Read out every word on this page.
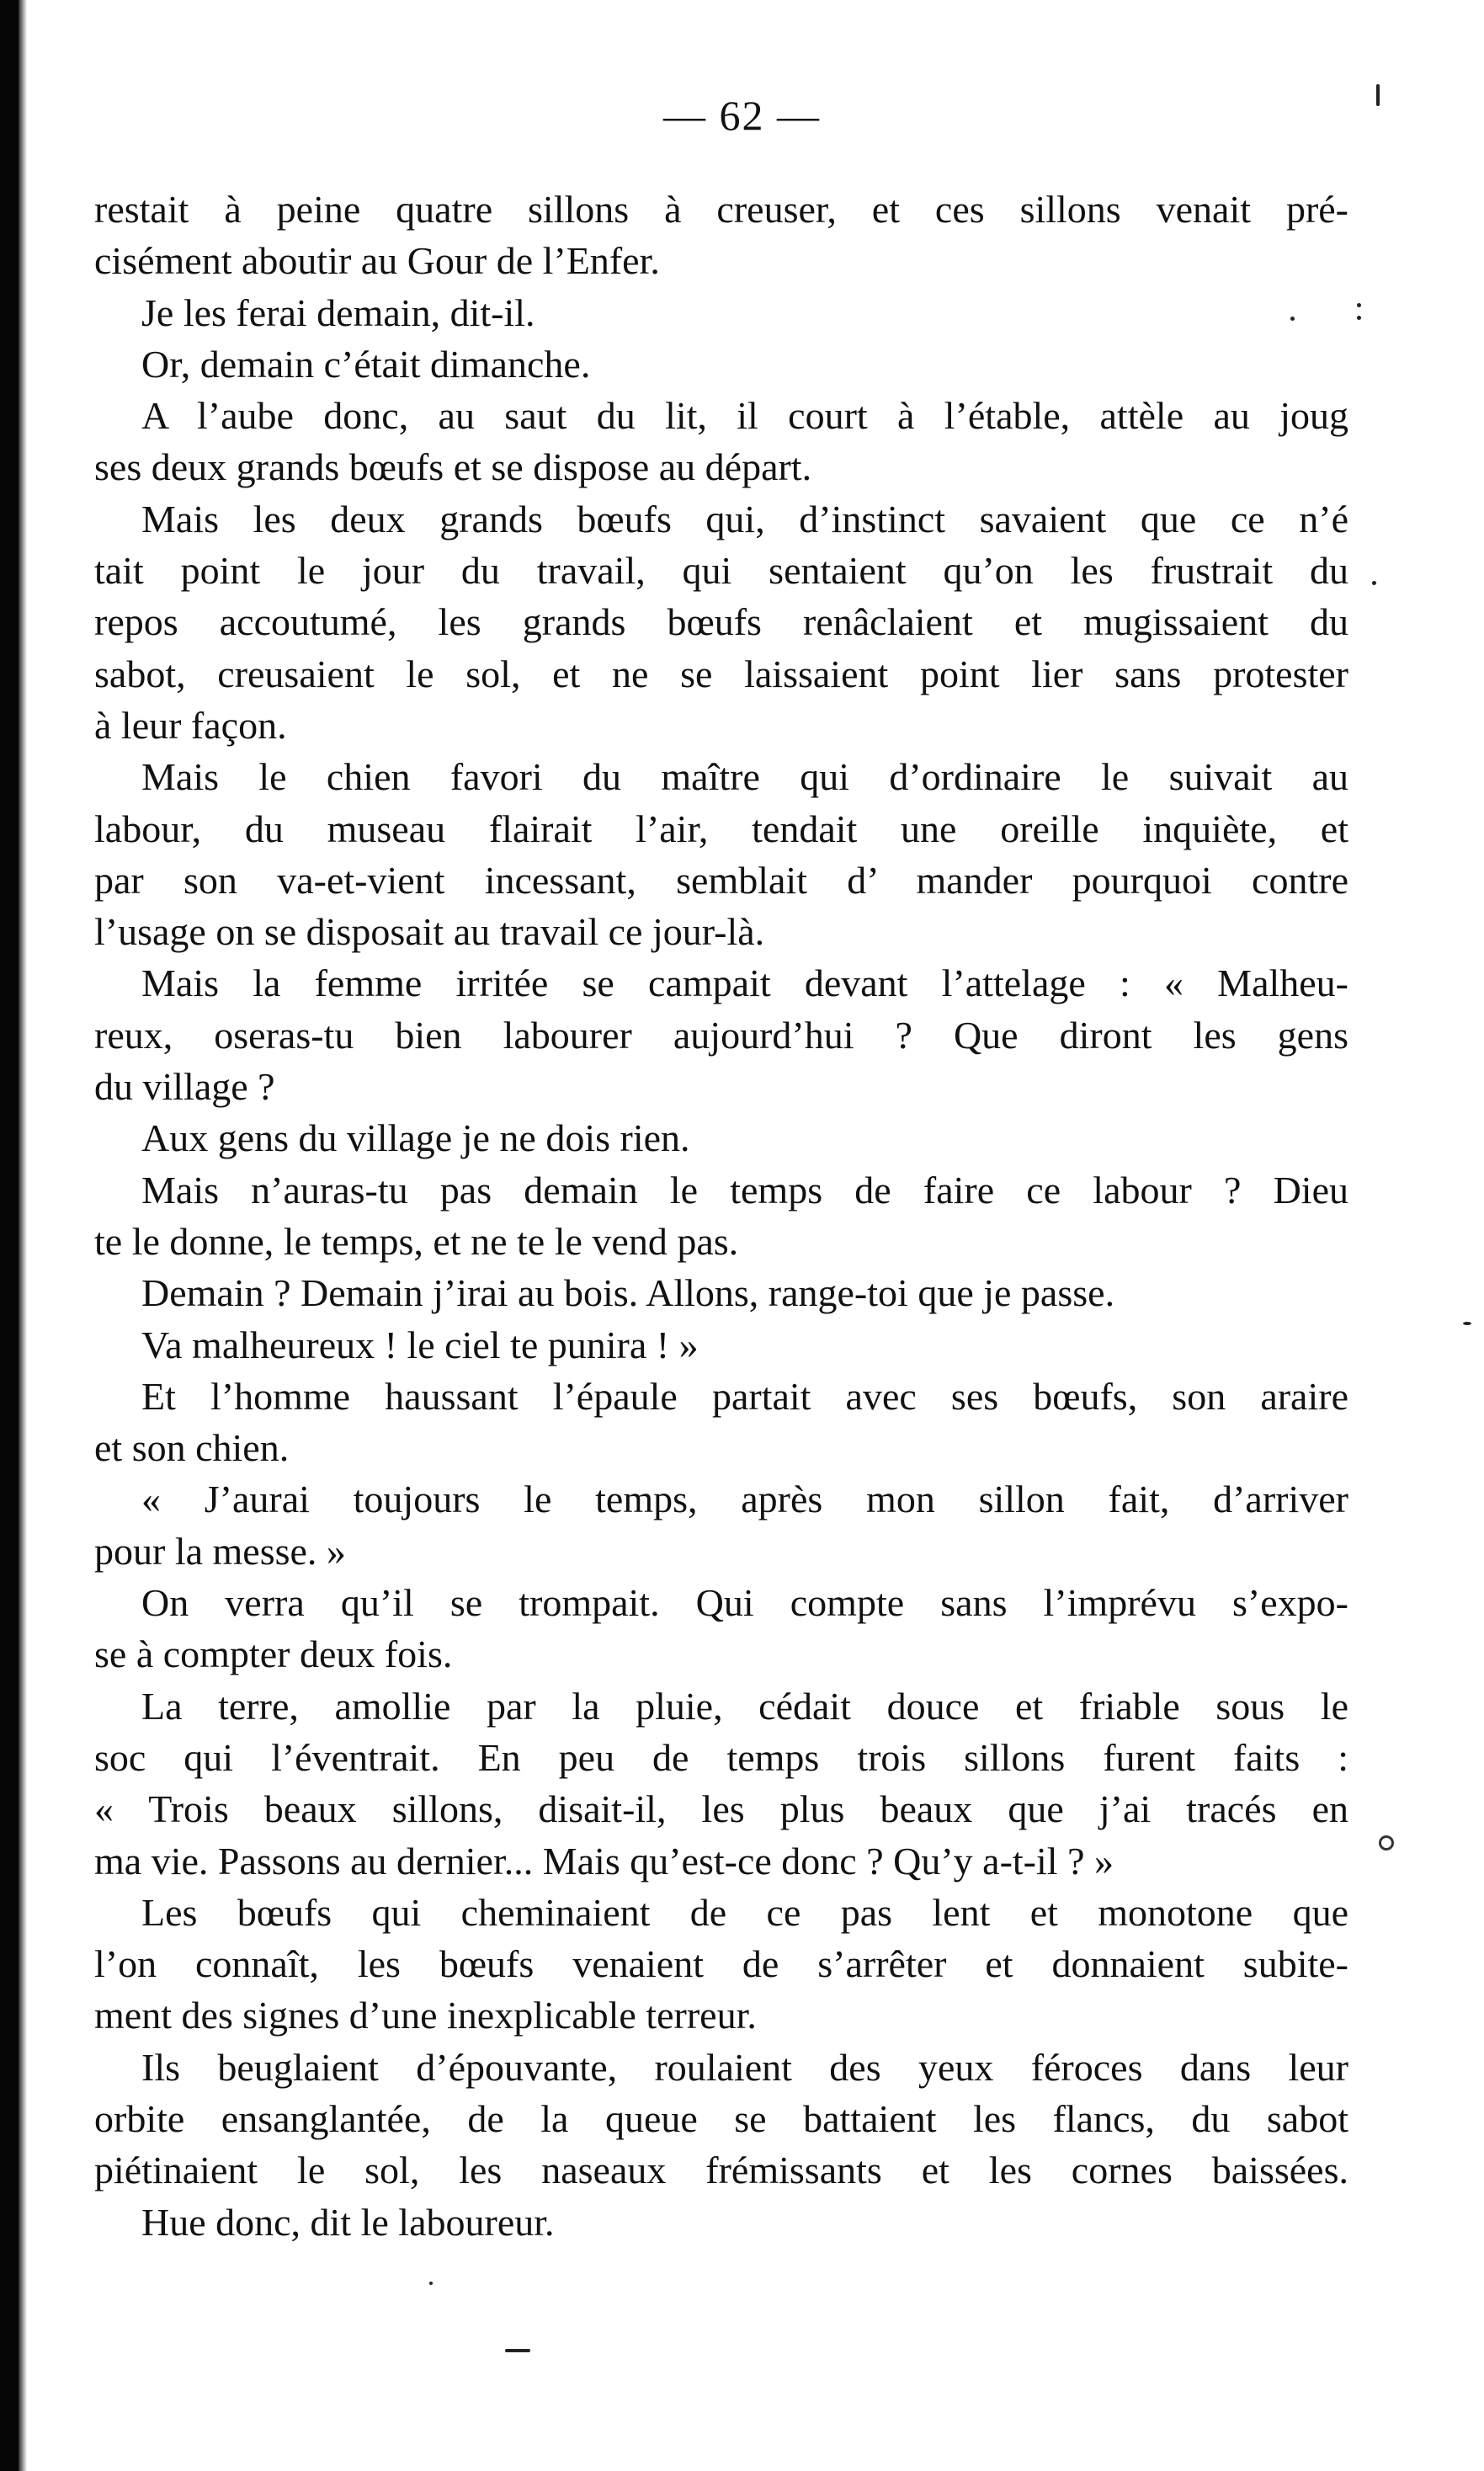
— 62 —
restait à peine quatre sillons à creuser, et ces sillons venait pré-
cisément aboutir au Gour de l’Enfer.
Je les ferai demain, dit-il.
Or, demain c’était dimanche.
A l’aube donc, au saut du lit, il court à l’étable, attèle au joug
ses deux grands bœufs et se dispose au départ.
Mais les deux grands bœufs qui, d’instinct savaient que ce n’é
tait point le jour du travail, qui sentaient qu’on les frustrait du
repos accoutumé, les grands bœufs renâclaient et mugissaient du
sabot, creusaient le sol, et ne se laissaient point lier sans protester
à leur façon.
Mais le chien favori du maître qui d’ordinaire le suivait au
labour, du museau flairait l’air, tendait une oreille inquiète, et
par son va-et-vient incessant, semblait d’ mander pourquoi contre
l’usage on se disposait au travail ce jour-là.
Mais la femme irritée se campait devant l’attelage : « Malheu-
reux, oseras-tu bien labourer aujourd’hui ? Que diront les gens
du village ?
Aux gens du village je ne dois rien.
Mais n’auras-tu pas demain le temps de faire ce labour ? Dieu
te le donne, le temps, et ne te le vend pas.
Demain ? Demain j’irai au bois. Allons, range-toi que je passe.
Va malheureux ! le ciel te punira ! »
Et l’homme haussant l’épaule partait avec ses bœufs, son araire
et son chien.
« J’aurai toujours le temps, après mon sillon fait, d’arriver
pour la messe. »
On verra qu’il se trompait. Qui compte sans l’imprévu s’expo-
se à compter deux fois.
La terre, amollie par la pluie, cédait douce et friable sous le
soc qui l’éventrait. En peu de temps trois sillons furent faits :
« Trois beaux sillons, disait-il, les plus beaux que j’ai tracés en
ma vie. Passons au dernier... Mais qu’est-ce donc ? Qu’y a-t-il ? »
Les bœufs qui cheminaient de ce pas lent et monotone que
l’on connaît, les bœufs venaient de s’arrêter et donnaient subite-
ment des signes d’une inexplicable terreur.
Ils beuglaient d’épouvante, roulaient des yeux féroces dans leur
orbite ensanglantée, de la queue se battaient les flancs, du sabot
piétinaient le sol, les naseaux frémissants et les cornes baissées.
Hue donc, dit le laboureur.
